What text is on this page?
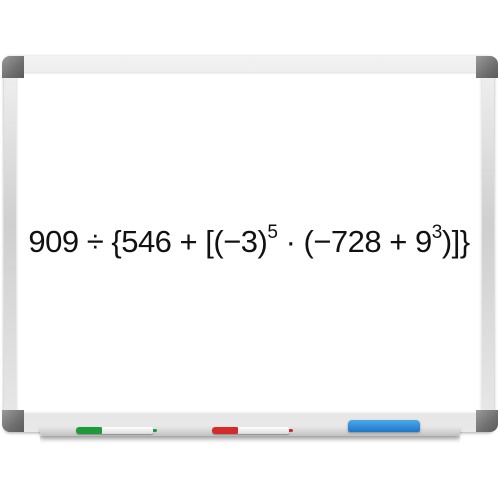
$909 \div \{546 + [(-3)^5 \cdot (-728 + 9^3)]\}$
